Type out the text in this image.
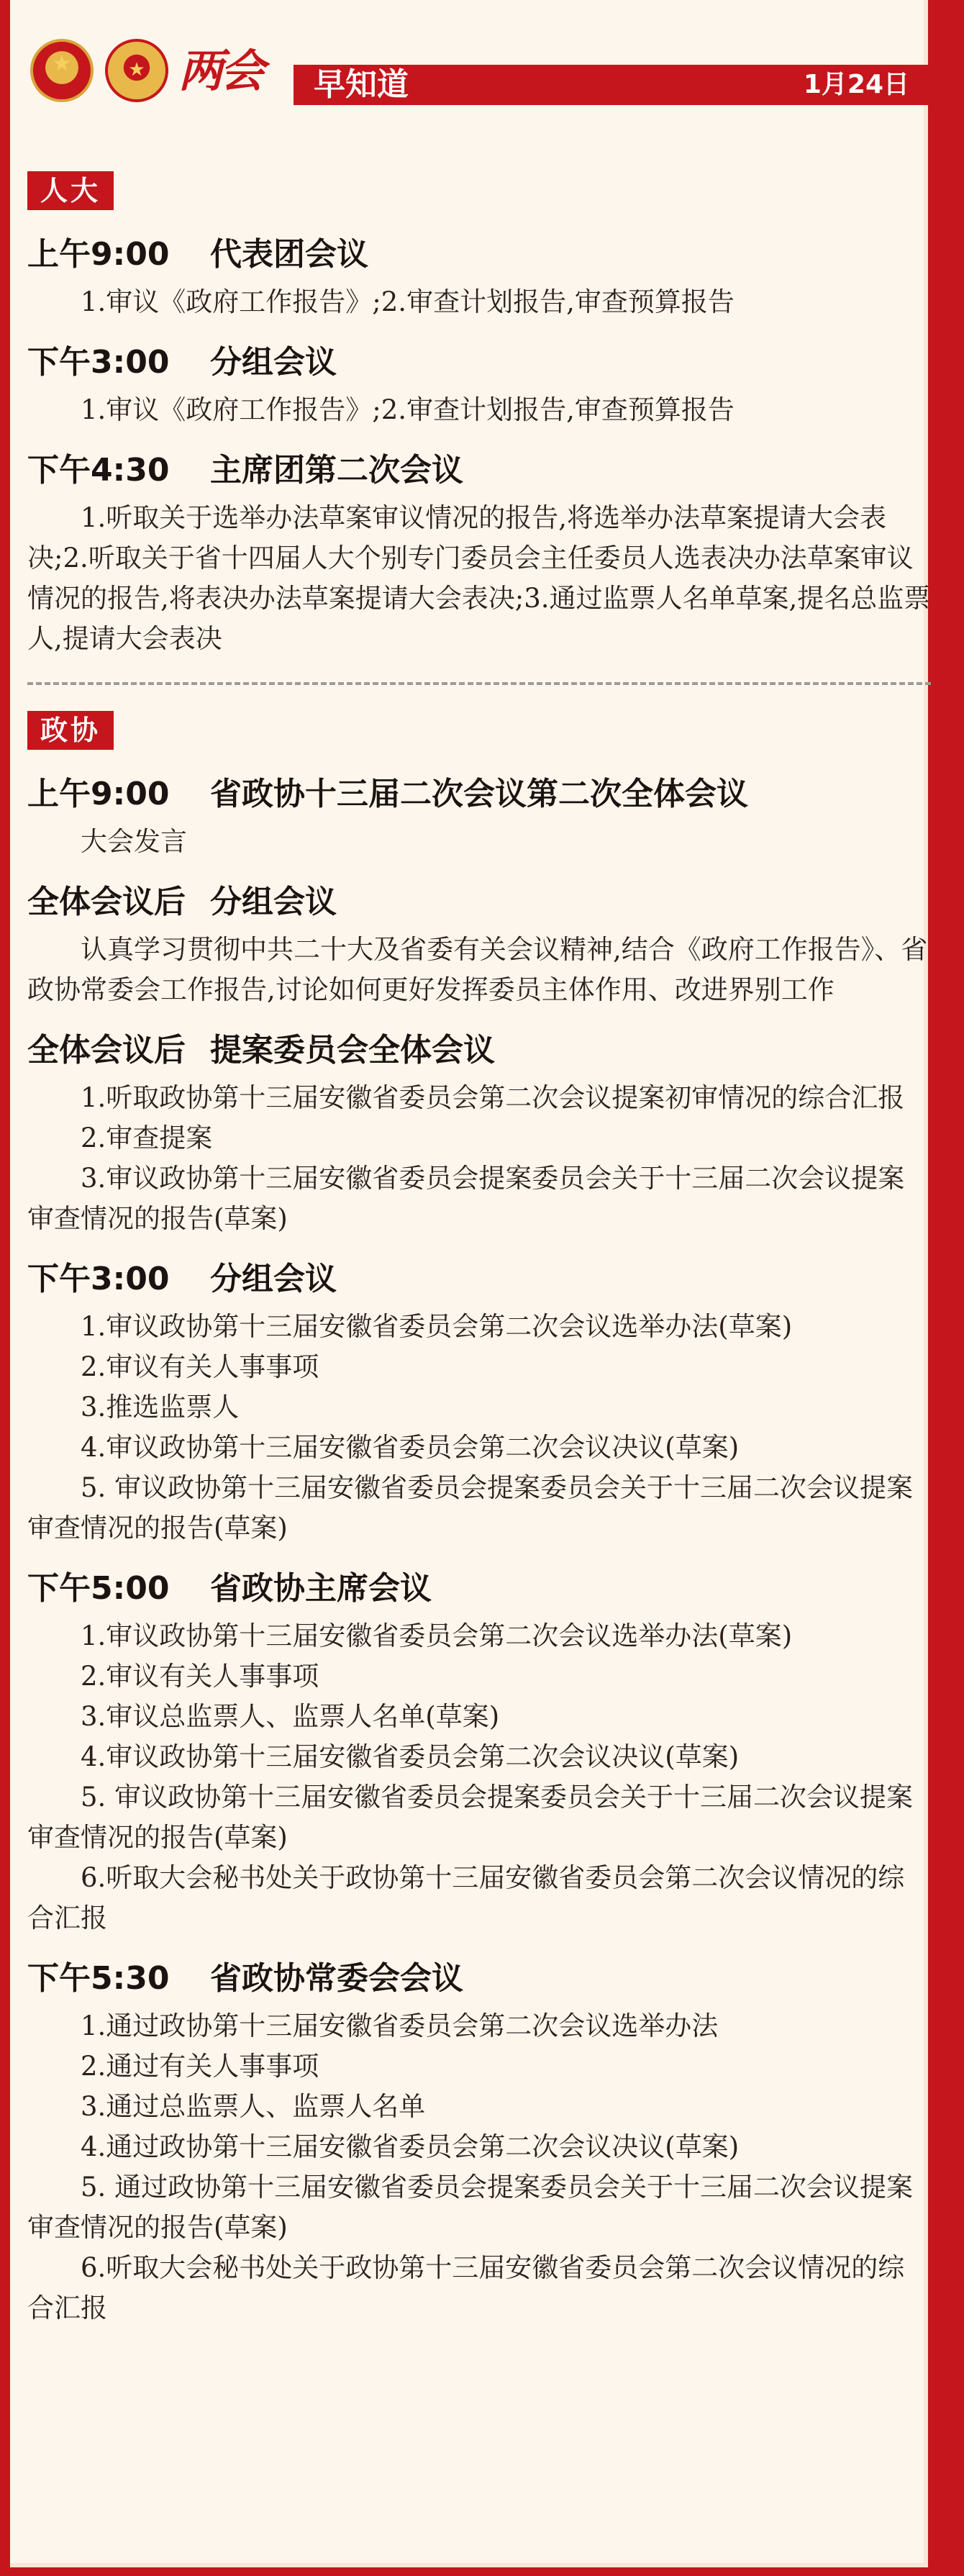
★	★ 两会 早知道	1月24日
人大
上午9:00 代表团会议
1.审议《政府工作报告》;2.审查计划报告,审查预算报告
下午3:00 分组会议
1.审议《政府工作报告》;2.审查计划报告,审查预算报告
下午4:30 主席团第二次会议
1.听取关于选举办法草案审议情况的报告,将选举办法草案提请大会表决;2.听取关于省十四届人大个别专门委员会主任委员人选表决办法草案审议情况的报告,将表决办法草案提请大会表决;3.通过监票人名单草案,提名总监票人,提请大会表决
政协
上午9:00 省政协十三届二次会议第二次全体会议
大会发言
全体会议后 分组会议
认真学习贯彻中共二十大及省委有关会议精神,结合《政府工作报告》、省政协常委会工作报告,讨论如何更好发挥委员主体作用、改进界别工作
全体会议后 提案委员会全体会议
1.听取政协第十三届安徽省委员会第二次会议提案初审情况的综合汇报
2.审查提案
3.审议政协第十三届安徽省委员会提案委员会关于十三届二次会议提案审查情况的报告(草案)
下午3:00 分组会议
1.审议政协第十三届安徽省委员会第二次会议选举办法(草案)
2.审议有关人事事项
3.推选监票人
4.审议政协第十三届安徽省委员会第二次会议决议(草案)
5. 审议政协第十三届安徽省委员会提案委员会关于十三届二次会议提案审查情况的报告(草案)
下午5:00 省政协主席会议
1.审议政协第十三届安徽省委员会第二次会议选举办法(草案)
2.审议有关人事事项
3.审议总监票人、监票人名单(草案)
4.审议政协第十三届安徽省委员会第二次会议决议(草案)
5. 审议政协第十三届安徽省委员会提案委员会关于十三届二次会议提案审查情况的报告(草案)
6.听取大会秘书处关于政协第十三届安徽省委员会第二次会议情况的综合汇报
下午5:30 省政协常委会会议
1.通过政协第十三届安徽省委员会第二次会议选举办法
2.通过有关人事事项
3.通过总监票人、监票人名单
4.通过政协第十三届安徽省委员会第二次会议决议(草案)
5. 通过政协第十三届安徽省委员会提案委员会关于十三届二次会议提案审查情况的报告(草案)
6.听取大会秘书处关于政协第十三届安徽省委员会第二次会议情况的综合汇报
